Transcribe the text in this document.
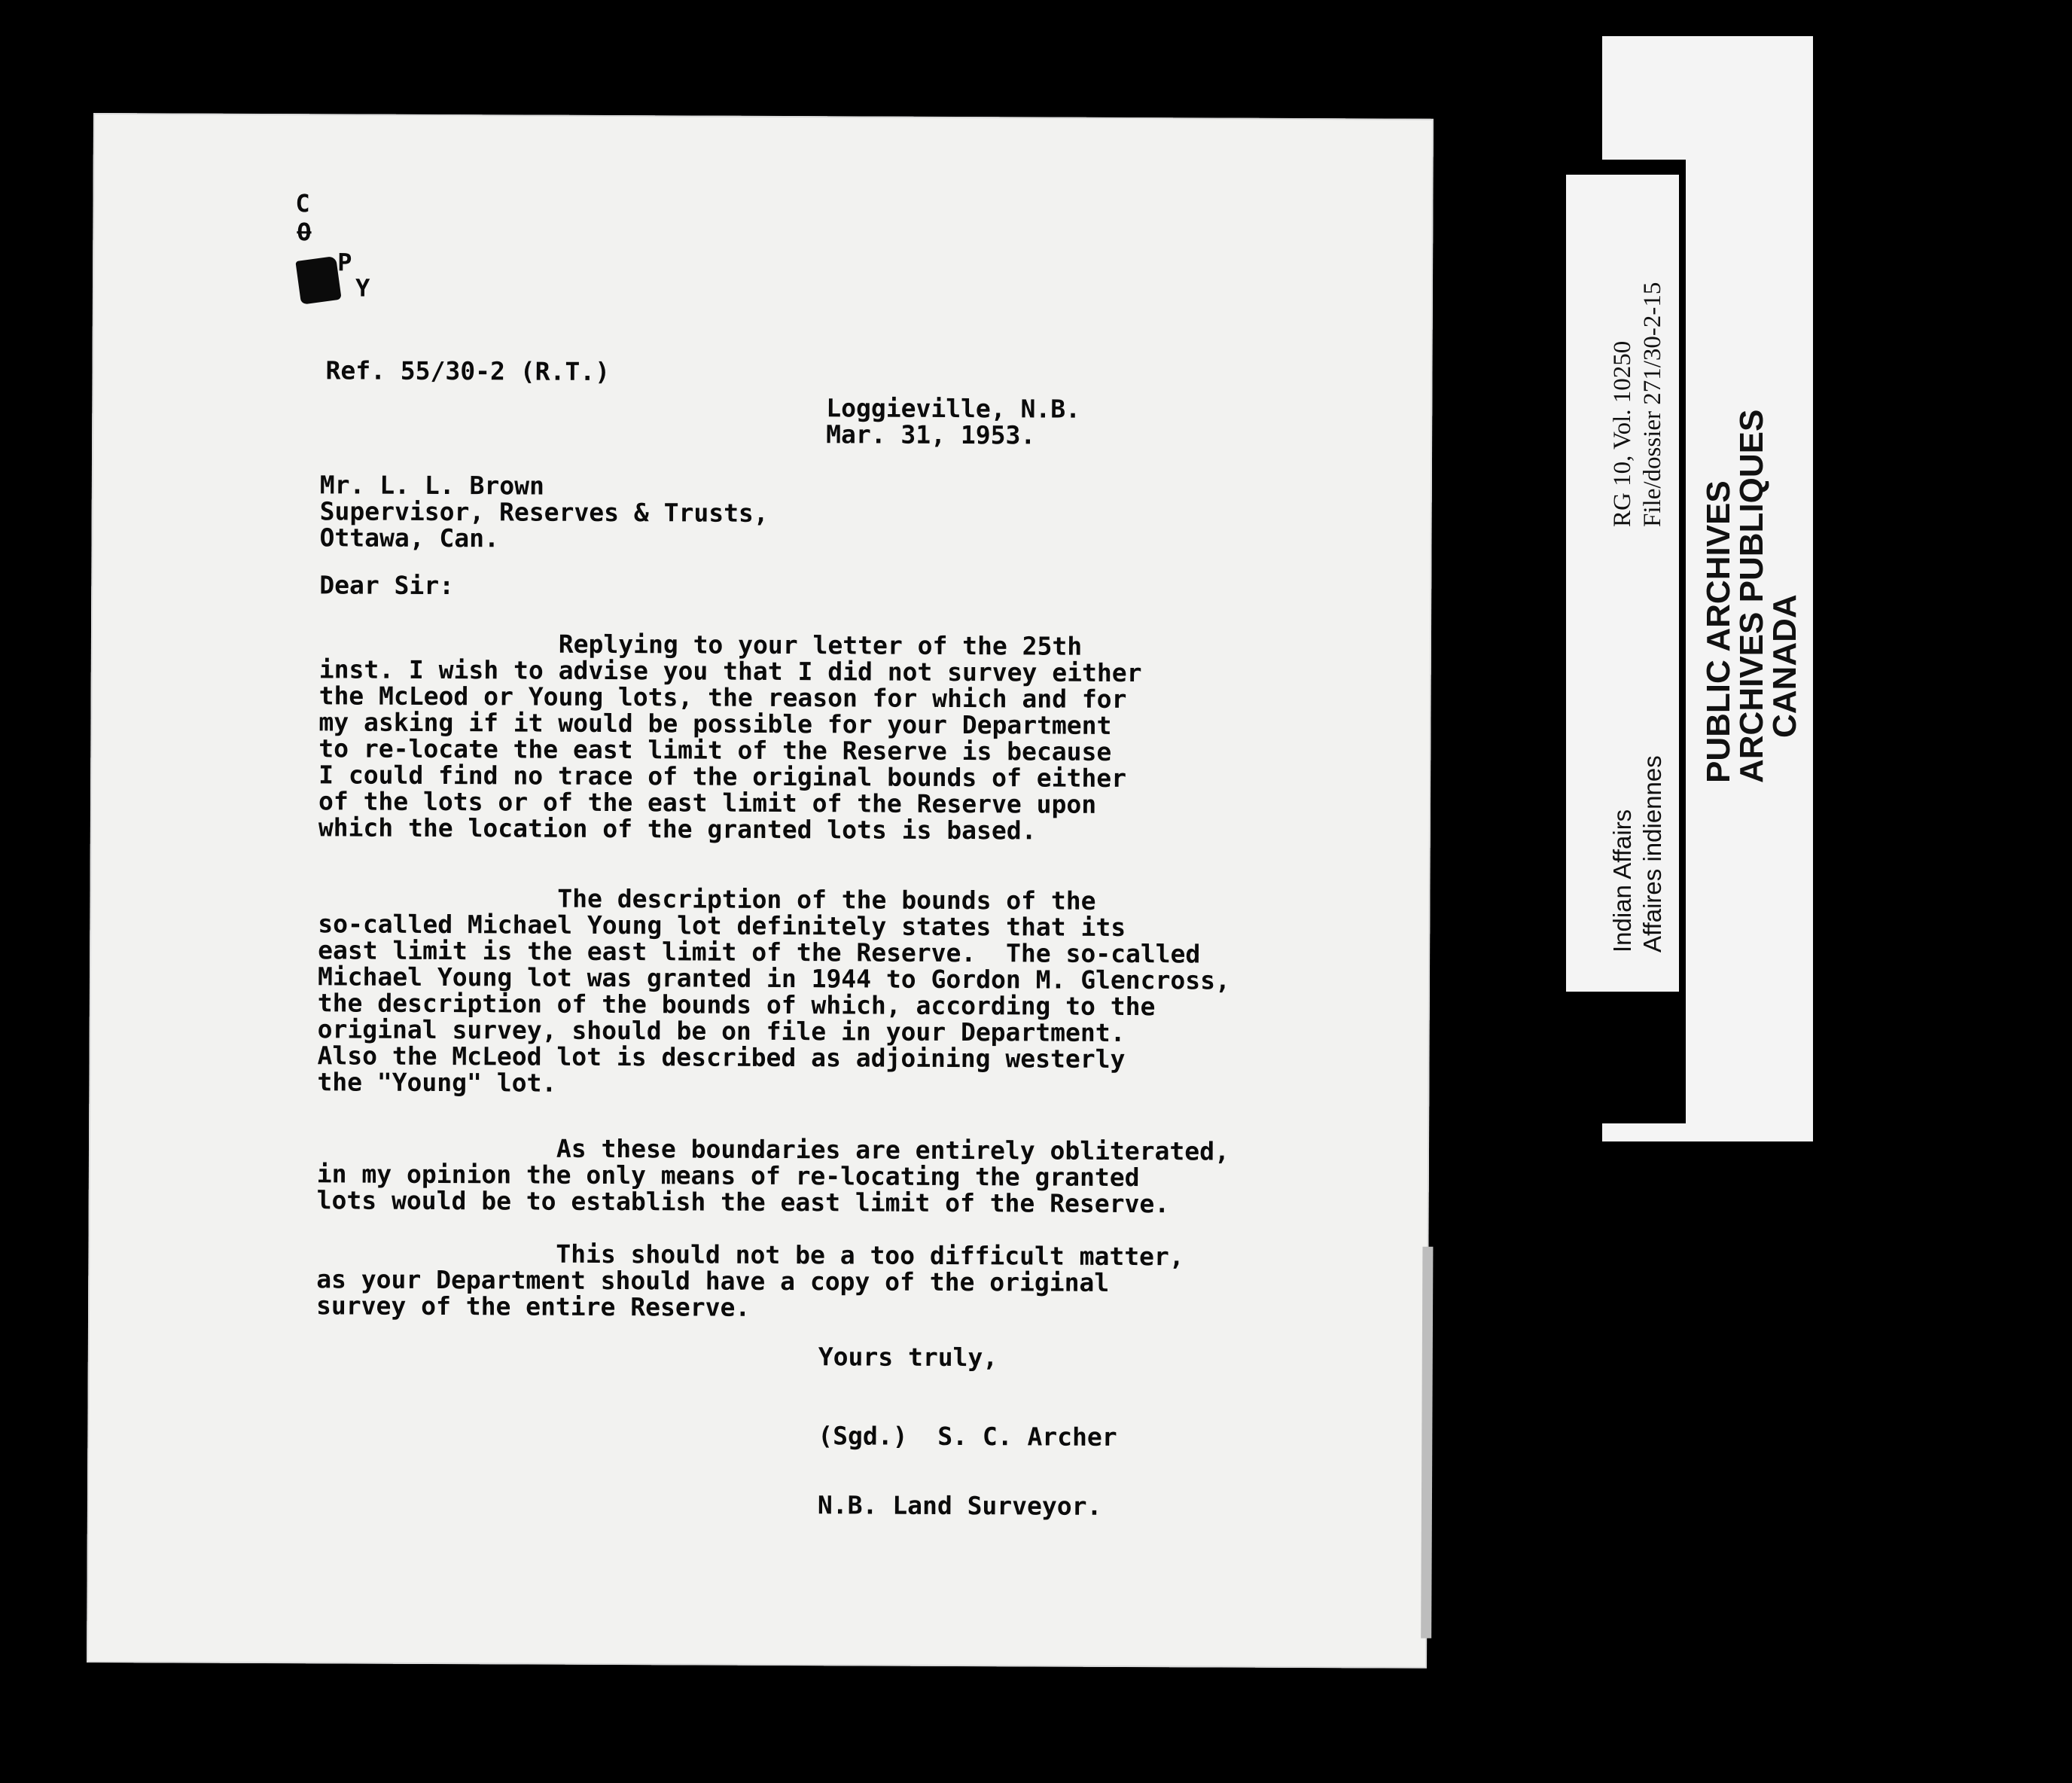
C
O
P
Y

Ref. 55/30-2 (R.T.)

Loggieville, N.B.
Mar. 31, 1953.
Mr. L. L. Brown
Supervisor, Reserves & Trusts,
Ottawa, Can.

Dear Sir:

Replying to your letter of the 25th
inst. I wish to advise you that I did not survey either
the McLeod or Young lots, the reason for which and for
my asking if it would be possible for your Department
to re-locate the east limit of the Reserve is because
I could find no trace of the original bounds of either
of the lots or of the east limit of the Reserve upon
which the location of the granted lots is based.

The description of the bounds of the
so-called Michael Young lot definitely states that its
east limit is the east limit of the Reserve.  The so-called
Michael Young lot was granted in 1944 to Gordon M. Glencross,
the description of the bounds of which, according to the
original survey, should be on file in your Department.
Also the McLeod lot is described as adjoining westerly
the "Young" lot.

As these boundaries are entirely obliterated,
in my opinion the only means of re-locating the granted
lots would be to establish the east limit of the Reserve.

This should not be a too difficult matter,
as your Department should have a copy of the original
survey of the entire Reserve.

Yours truly,

(Sgd.)  S. C. Archer

N.B. Land Surveyor.

Indian Affairs Affaires indiennes
RG 10, Vol. 10250 File/dossier 271/30-2-15
PUBLIC ARCHIVES
ARCHIVES PUBLIQUES
CANADA
